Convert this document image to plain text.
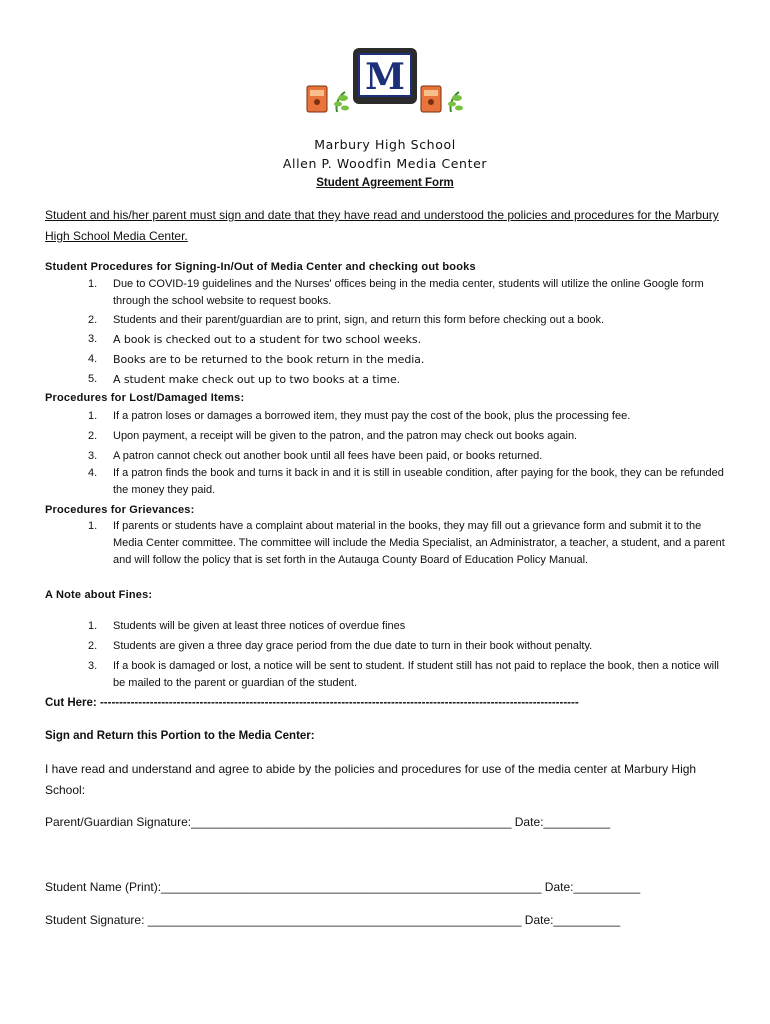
M
Marbury High School
Allen P. Woodfin Media Center
Student Agreement Form
Student and his/her parent must sign and date that they have read and understood the policies and procedures for the Marbury High School Media Center.
Student Procedures for Signing-In/Out of Media Center and checking out books
1.	Due to COVID-19 guidelines and the Nurses' offices being in the media center, students will utilize the online Google form through the school website to request books.
2.	Students and their parent/guardian are to print, sign, and return this form before checking out a book.
3.	A book is checked out to a student for two school weeks.
4.	Books are to be returned to the book return in the media.
5.	A student make check out up to two books at a time.
Procedures for Lost/Damaged Items:
1.	If a patron loses or damages a borrowed item, they must pay the cost of the book, plus the processing fee.
2.	Upon payment, a receipt will be given to the patron, and the patron may check out books again.
3.	A patron cannot check out another book until all fees have been paid, or books returned.
4.	If a patron finds the book and turns it back in and it is still in useable condition, after paying for the book, they can be refunded the money they paid.
Procedures for Grievances:
1.	If parents or students have a complaint about material in the books, they may fill out a grievance form and submit it to the Media Center committee. The committee will include the Media Specialist, an Administrator, a teacher, a student, and a parent and will follow the policy that is set forth in the Autauga County Board of Education Policy Manual.
A Note about Fines:
1.	Students will be given at least three notices of overdue fines
2.	Students are given a three day grace period from the due date to turn in their book without penalty.
3.	If a book is damaged or lost, a notice will be sent to student. If student still has not paid to replace the book, then a notice will be mailed to the parent or guardian of the student.
Cut Here: -----------------------------------------------------------------------------------------------------------------------------
Sign and Return this Portion to the Media Center:
I have read and understand and agree to abide by the policies and procedures for use of the media center at Marbury High School:
Parent/Guardian Signature:________________________________________________ Date:__________
Student Name (Print):_________________________________________________________ Date:__________
Student Signature: ________________________________________________________ Date:__________
